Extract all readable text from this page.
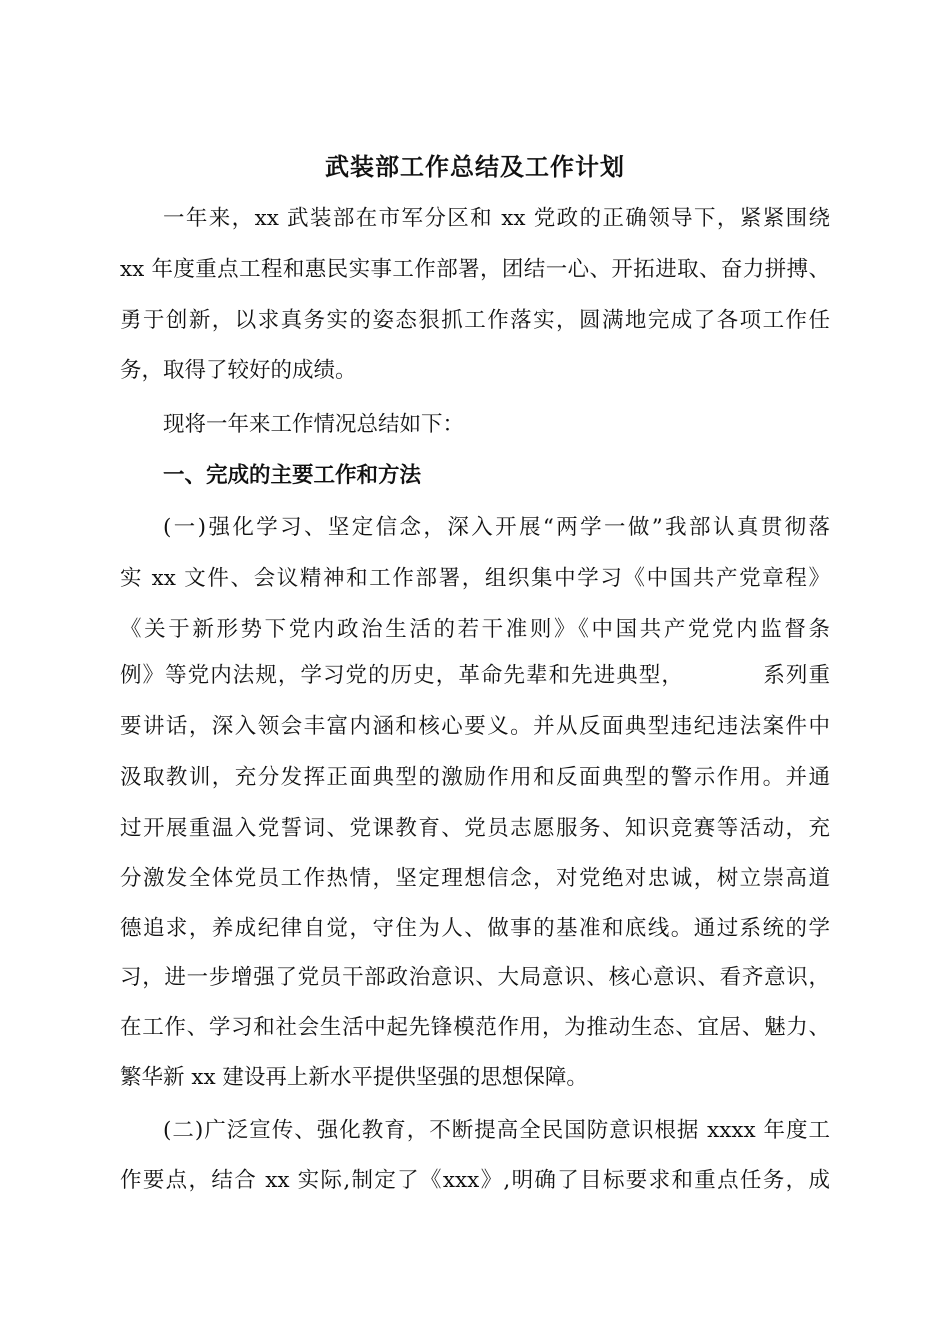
武装部工作总结及工作计划
一年来，xx 武装部在市军分区和 xx 党政的正确领导下，紧紧围绕
xx 年度重点工程和惠民实事工作部署，团结一心、开拓进取、奋力拼搏、
勇于创新，以求真务实的姿态狠抓工作落实，圆满地完成了各项工作任
务，取得了较好的成绩。
现将一年来工作情况总结如下：
一、完成的主要工作和方法
(一)强化学习、坚定信念，深入开展“两学一做”我部认真贯彻落
实 xx 文件、会议精神和工作部署，组织集中学习《中国共产党章程》
《关于新形势下党内政治生活的若干准则》《中国共产党党内监督条
例》等党内法规，学习党的历史，革命先辈和先进典型，　　　　系列重
要讲话，深入领会丰富内涵和核心要义。并从反面典型违纪违法案件中
汲取教训，充分发挥正面典型的激励作用和反面典型的警示作用。并通
过开展重温入党誓词、党课教育、党员志愿服务、知识竞赛等活动，充
分激发全体党员工作热情，坚定理想信念，对党绝对忠诚，树立崇高道
德追求，养成纪律自觉，守住为人、做事的基准和底线。通过系统的学
习，进一步增强了党员干部政治意识、大局意识、核心意识、看齐意识，
在工作、学习和社会生活中起先锋模范作用，为推动生态、宜居、魅力、
繁华新 xx 建设再上新水平提供坚强的思想保障。
(二)广泛宣传、强化教育，不断提高全民国防意识根据 xxxx 年度工
作要点，结合 xx 实际,制定了《xxx》,明确了目标要求和重点任务，成
